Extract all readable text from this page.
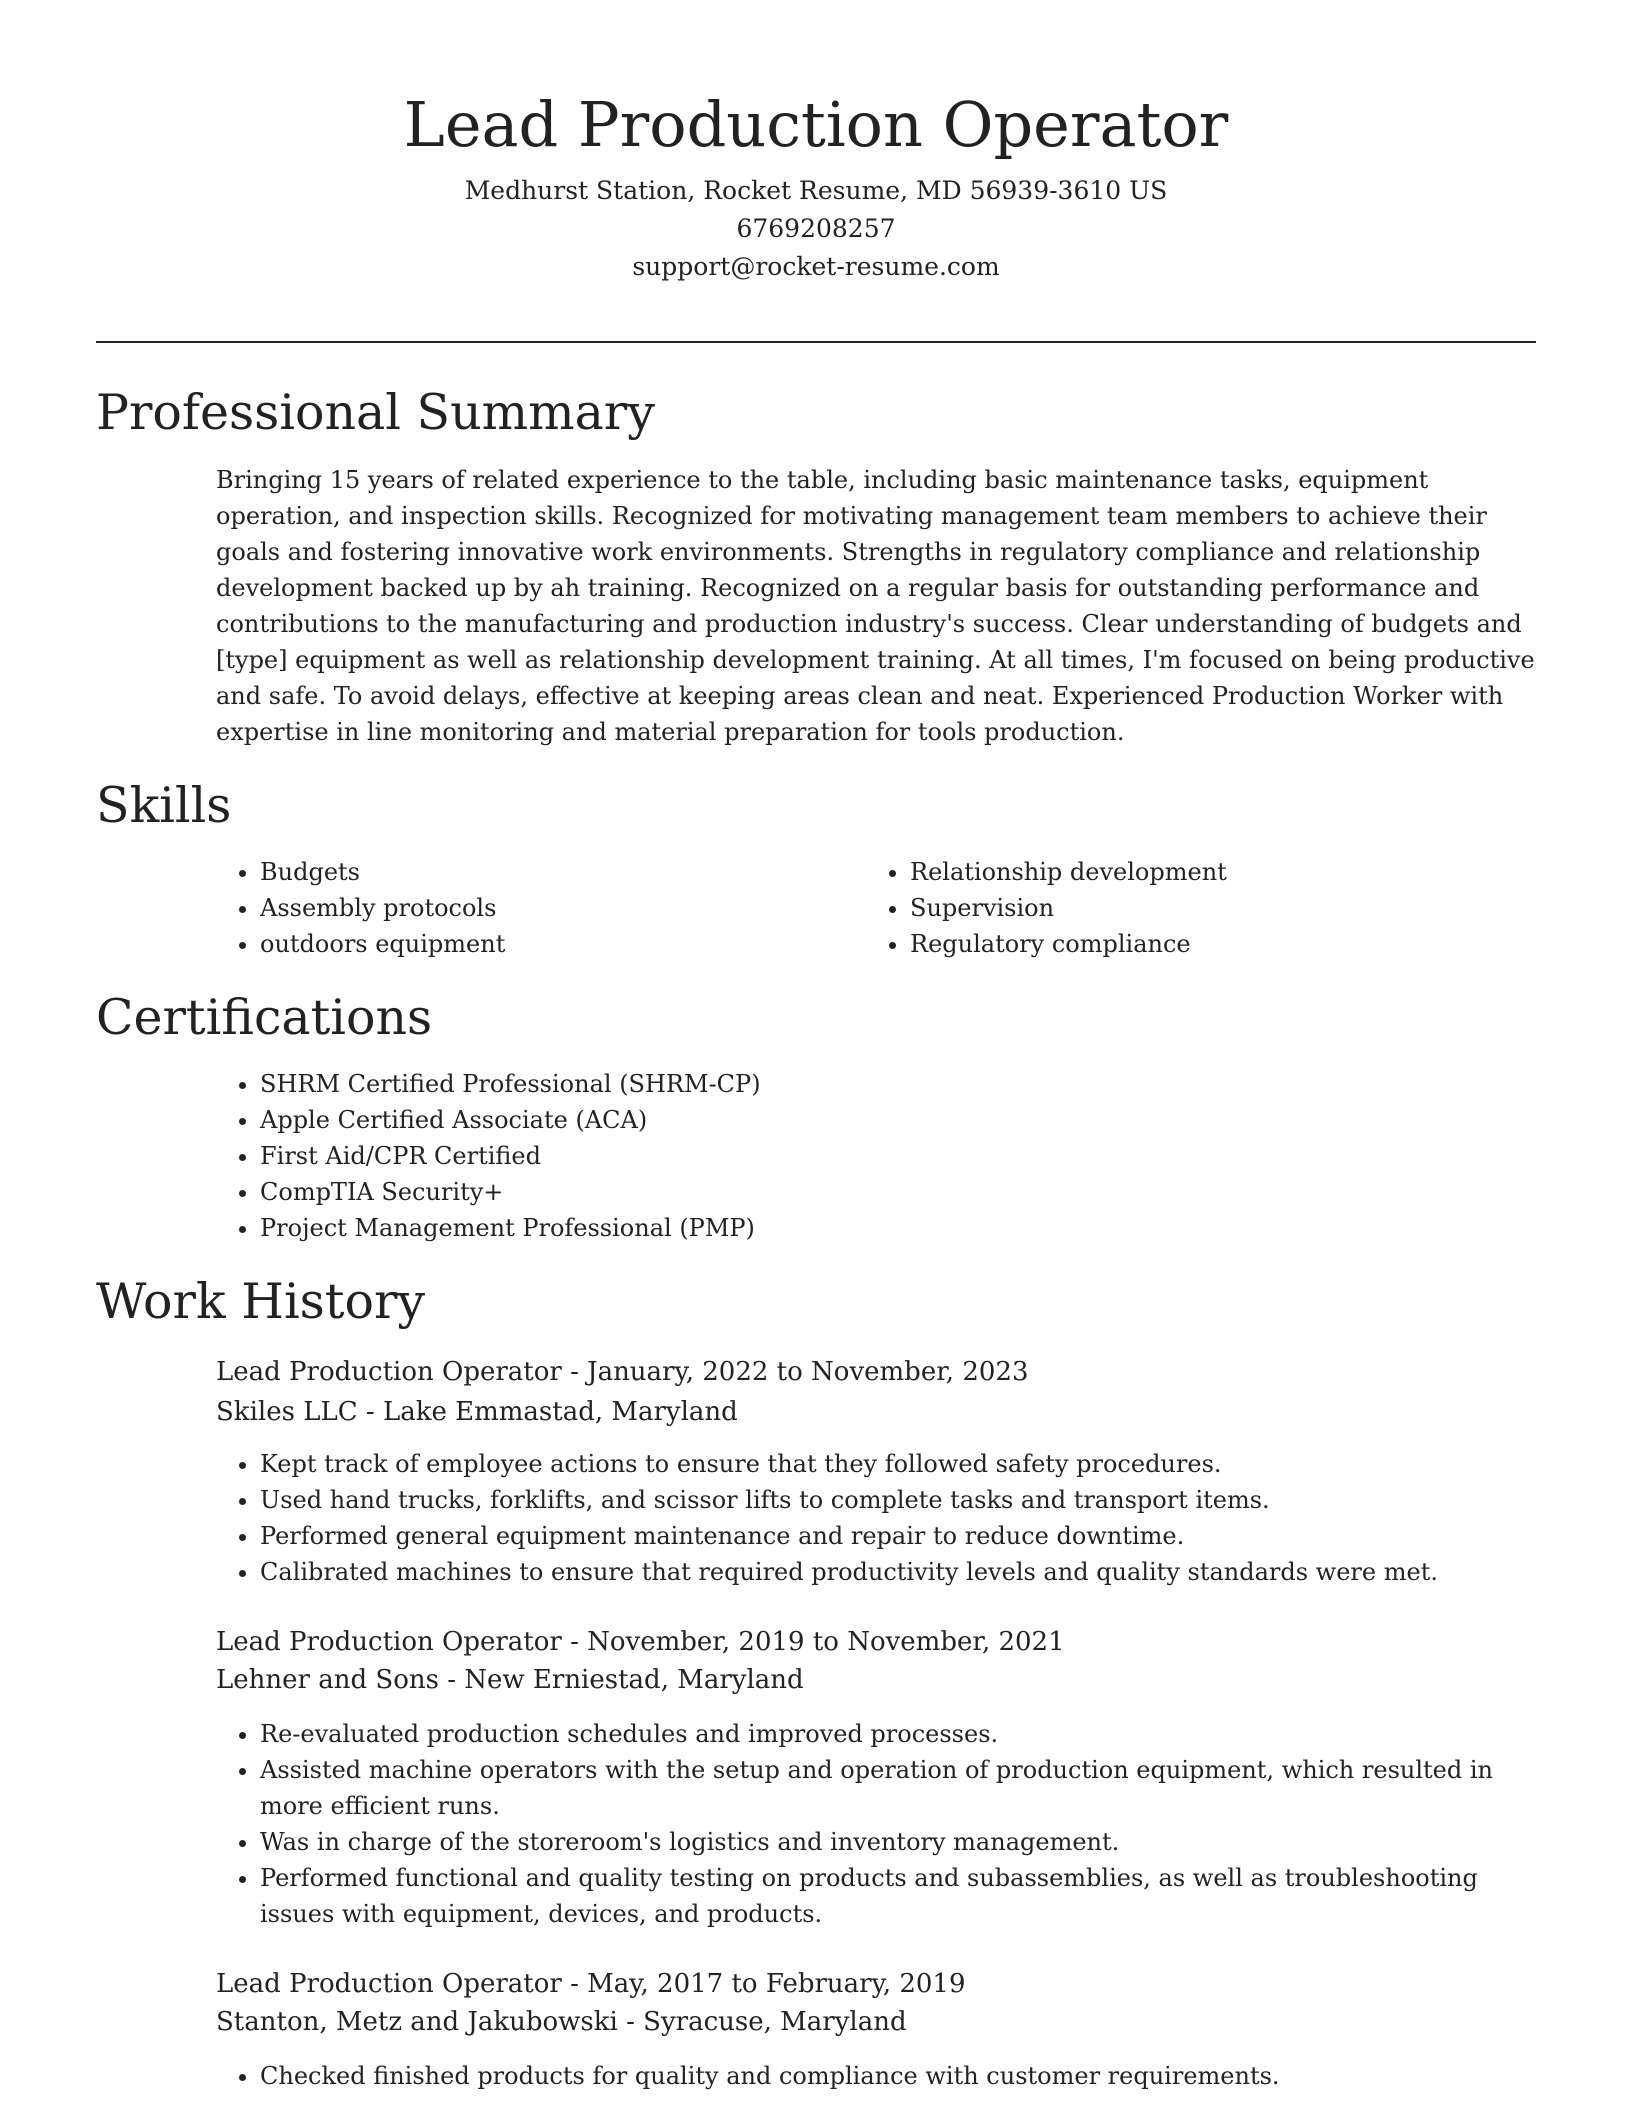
Lead Production Operator

Medhurst Station, Rocket Resume, MD 56939-3610 US

6769208257

support@rocket-resume.com

Professional Summary

Bringing 15 years of related experience to the table, including basic maintenance tasks, equipment operation, and inspection skills. Recognized for motivating management team members to achieve their goals and fostering innovative work environments. Strengths in regulatory compliance and relationship development backed up by ah training. Recognized on a regular basis for outstanding performance and contributions to the manufacturing and production industry's success. Clear understanding of budgets and [type] equipment as well as relationship development training. At all times, I'm focused on being productive and safe. To avoid delays, effective at keeping areas clean and neat. Experienced Production Worker with expertise in line monitoring and material preparation for tools production.

Skills
• Budgets
• Assembly protocols
• outdoors equipment
• Relationship development
• Supervision
• Regulatory compliance
Certifications
• SHRM Certified Professional (SHRM-CP)
• Apple Certified Associate (ACA)
• First Aid/CPR Certified
• CompTIA Security+
• Project Management Professional (PMP)
Work History

Lead Production Operator - January, 2022 to November, 2023

Skiles LLC - Lake Emmastad, Maryland

• Kept track of employee actions to ensure that they followed safety procedures.
• Used hand trucks, forklifts, and scissor lifts to complete tasks and transport items.
• Performed general equipment maintenance and repair to reduce downtime.
• Calibrated machines to ensure that required productivity levels and quality standards were met.

Lead Production Operator - November, 2019 to November, 2021

Lehner and Sons - New Erniestad, Maryland

• Re-evaluated production schedules and improved processes.
• Assisted machine operators with the setup and operation of production equipment, which resulted in more efficient runs.
• Was in charge of the storeroom's logistics and inventory management.
• Performed functional and quality testing on products and subassemblies, as well as troubleshooting issues with equipment, devices, and products.

Lead Production Operator - May, 2017 to February, 2019

Stanton, Metz and Jakubowski - Syracuse, Maryland

• Checked finished products for quality and compliance with customer requirements.
